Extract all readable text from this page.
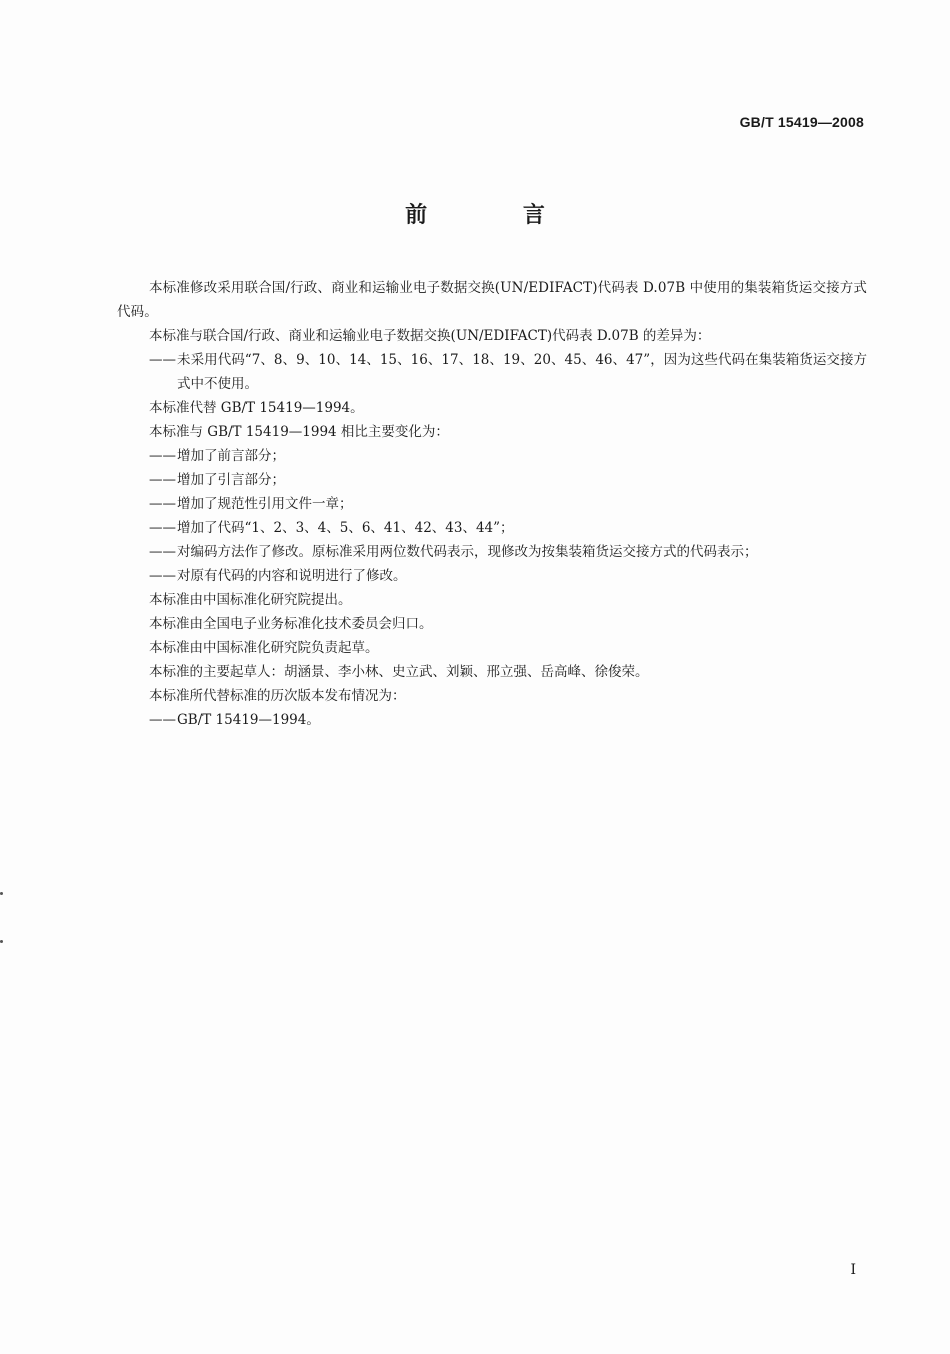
GB/T 15419—2008
前 言

本标准修改采用联合国/行政、商业和运输业电子数据交换(UN/EDIFACT)代码表 D.07B 中使用的集装箱货运交接方式代码。

本标准与联合国/行政、商业和运输业电子数据交换(UN/EDIFACT)代码表 D.07B 的差异为：

——未采用代码“7、8、9、10、14、15、16、17、18、19、20、45、46、47”，因为这些代码在集装箱货运交接方式中不使用。

本标准代替 GB/T 15419—1994。

本标准与 GB/T 15419—1994 相比主要变化为：

——增加了前言部分；

——增加了引言部分；

——增加了规范性引用文件一章；

——增加了代码“1、2、3、4、5、6、41、42、43、44”；

——对编码方法作了修改。原标准采用两位数代码表示，现修改为按集装箱货运交接方式的代码表示；

——对原有代码的内容和说明进行了修改。

本标准由中国标准化研究院提出。

本标准由全国电子业务标准化技术委员会归口。

本标准由中国标准化研究院负责起草。

本标准的主要起草人：胡涵景、李小林、史立武、刘颖、邢立强、岳高峰、徐俊荣。

本标准所代替标准的历次版本发布情况为：

——GB/T 15419—1994。

I
